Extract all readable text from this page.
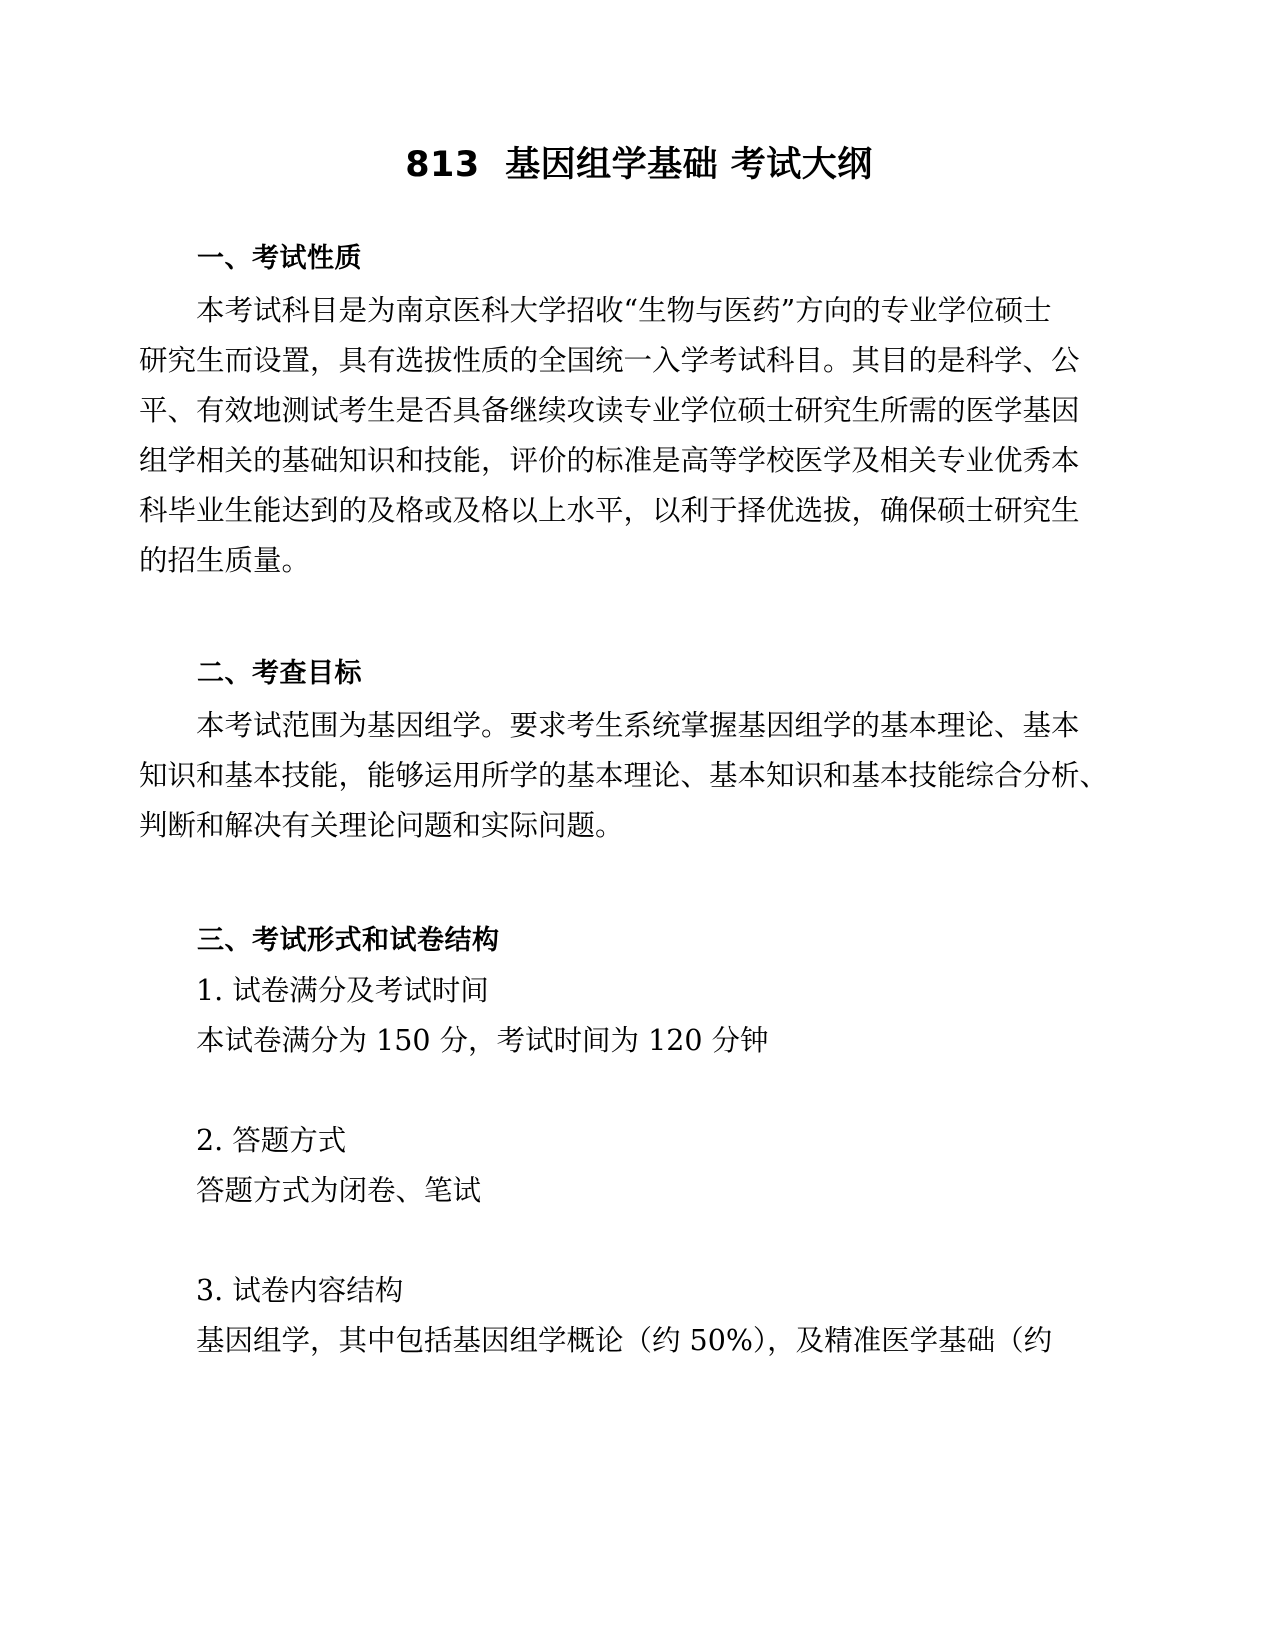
813  基因组学基础 考试大纲
一、考试性质

本考试科目是为南京医科大学招收“生物与医药”方向的专业学位硕士
研究生而设置，具有选拔性质的全国统一入学考试科目。其目的是科学、公
平、有效地测试考生是否具备继续攻读专业学位硕士研究生所需的医学基因
组学相关的基础知识和技能，评价的标准是高等学校医学及相关专业优秀本
科毕业生能达到的及格或及格以上水平，以利于择优选拔，确保硕士研究生
的招生质量。

二、考查目标

本考试范围为基因组学。要求考生系统掌握基因组学的基本理论、基本
知识和基本技能，能够运用所学的基本理论、基本知识和基本技能综合分析、
判断和解决有关理论问题和实际问题。

三、考试形式和试卷结构

1. 试卷满分及考试时间

本试卷满分为 150 分，考试时间为 120 分钟

2. 答题方式

答题方式为闭卷、笔试

3. 试卷内容结构

基因组学，其中包括基因组学概论（约 50%），及精准医学基础（约
